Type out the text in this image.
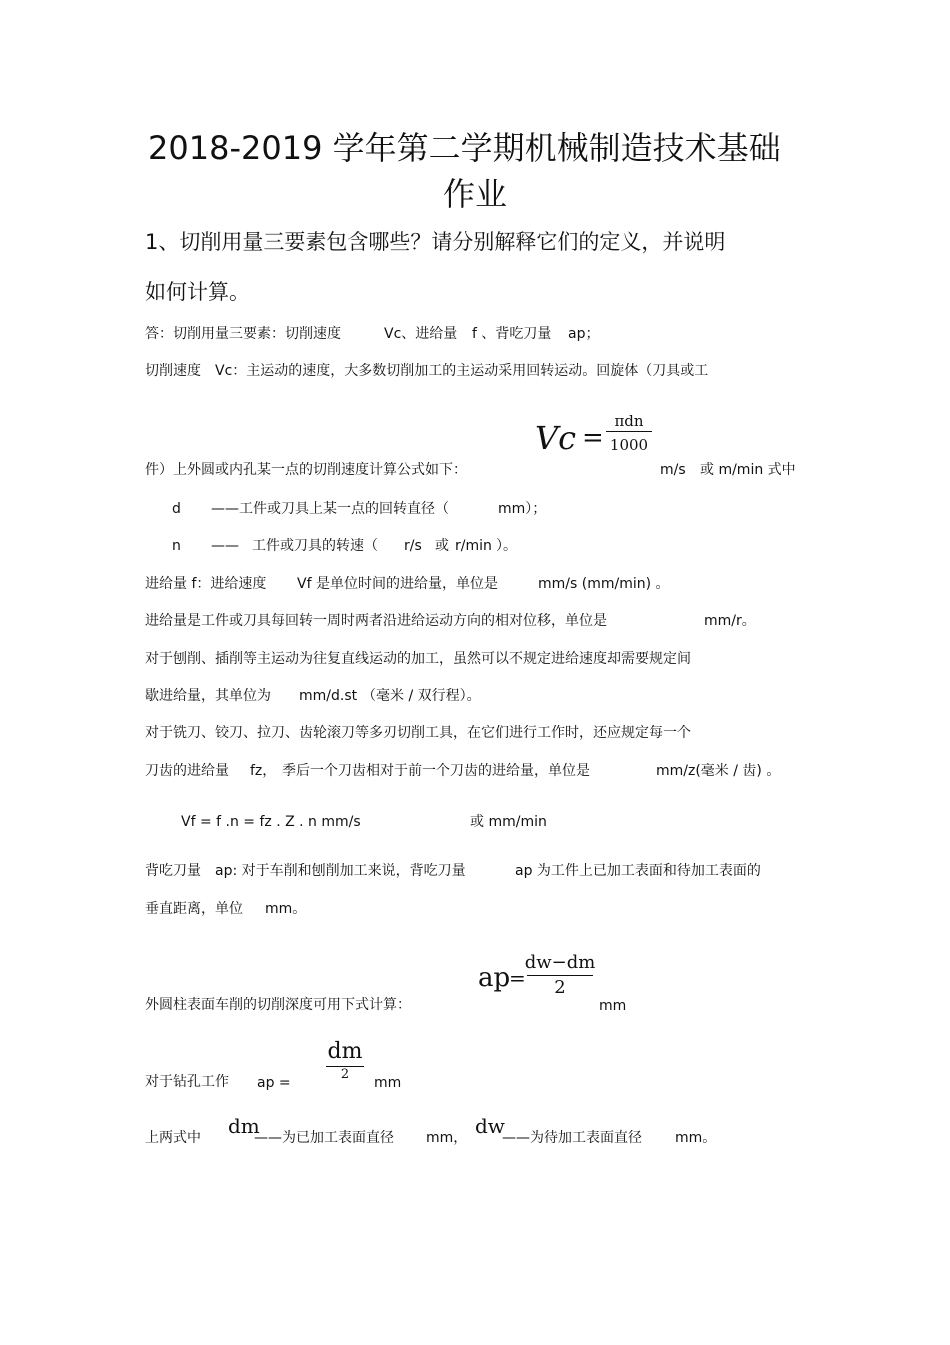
2018-2019 学年第二学期机械制造技术基础
作业
1、切削用量三要素包含哪些？请分别解释它们的定义，并说明
如何计算。
答：切削用量三要素：切削速度	Vc、进给量 f 、背吃刀量 ap；
切削速度 Vc：主运动的速度，大多数切削加工的主运动采用回转运动。回旋体（刀具或工
Vc =
πdn
1000
件）上外圆或内孔某一点的切削速度计算公式如下：	m/s 或 m/min 式中
d ——工件或刀具上某一点的回转直径（	mm）；
n —— 工件或刀具的转速（ r/s 或 r/min ）。
进给量 f：进给速度 Vf 是单位时间的进给量，单位是	mm/s (mm/min) 。
进给量是工件或刀具每回转一周时两者沿进给运动方向的相对位移，单位是	mm/r。
对于刨削、插削等主运动为往复直线运动的加工，虽然可以不规定进给速度却需要规定间
歇进给量，其单位为 mm/d.st （毫米 / 双行程）。
对于铣刀、铰刀、拉刀、齿轮滚刀等多刃切削工具，在它们进行工作时，还应规定每一个
刀齿的进给量 fz， 季后一个刀齿相对于前一个刀齿的进给量，单位是	mm/z(毫米 / 齿) 。
Vf = f .n = fz . Z . n mm/s	或 mm/min
背吃刀量 ap: 对于车削和刨削加工来说，背吃刀量	ap 为工件上已加工表面和待加工表面的
垂直距离，单位 mm。
ap
=
dw−dm
2
外圆柱表面车削的切削深度可用下式计算：	mm
对于钻孔工作 ap =
dm
2
mm
上两式中 dm
——为已加工表面直径 mm， dw
——为待加工表面直径 mm。
